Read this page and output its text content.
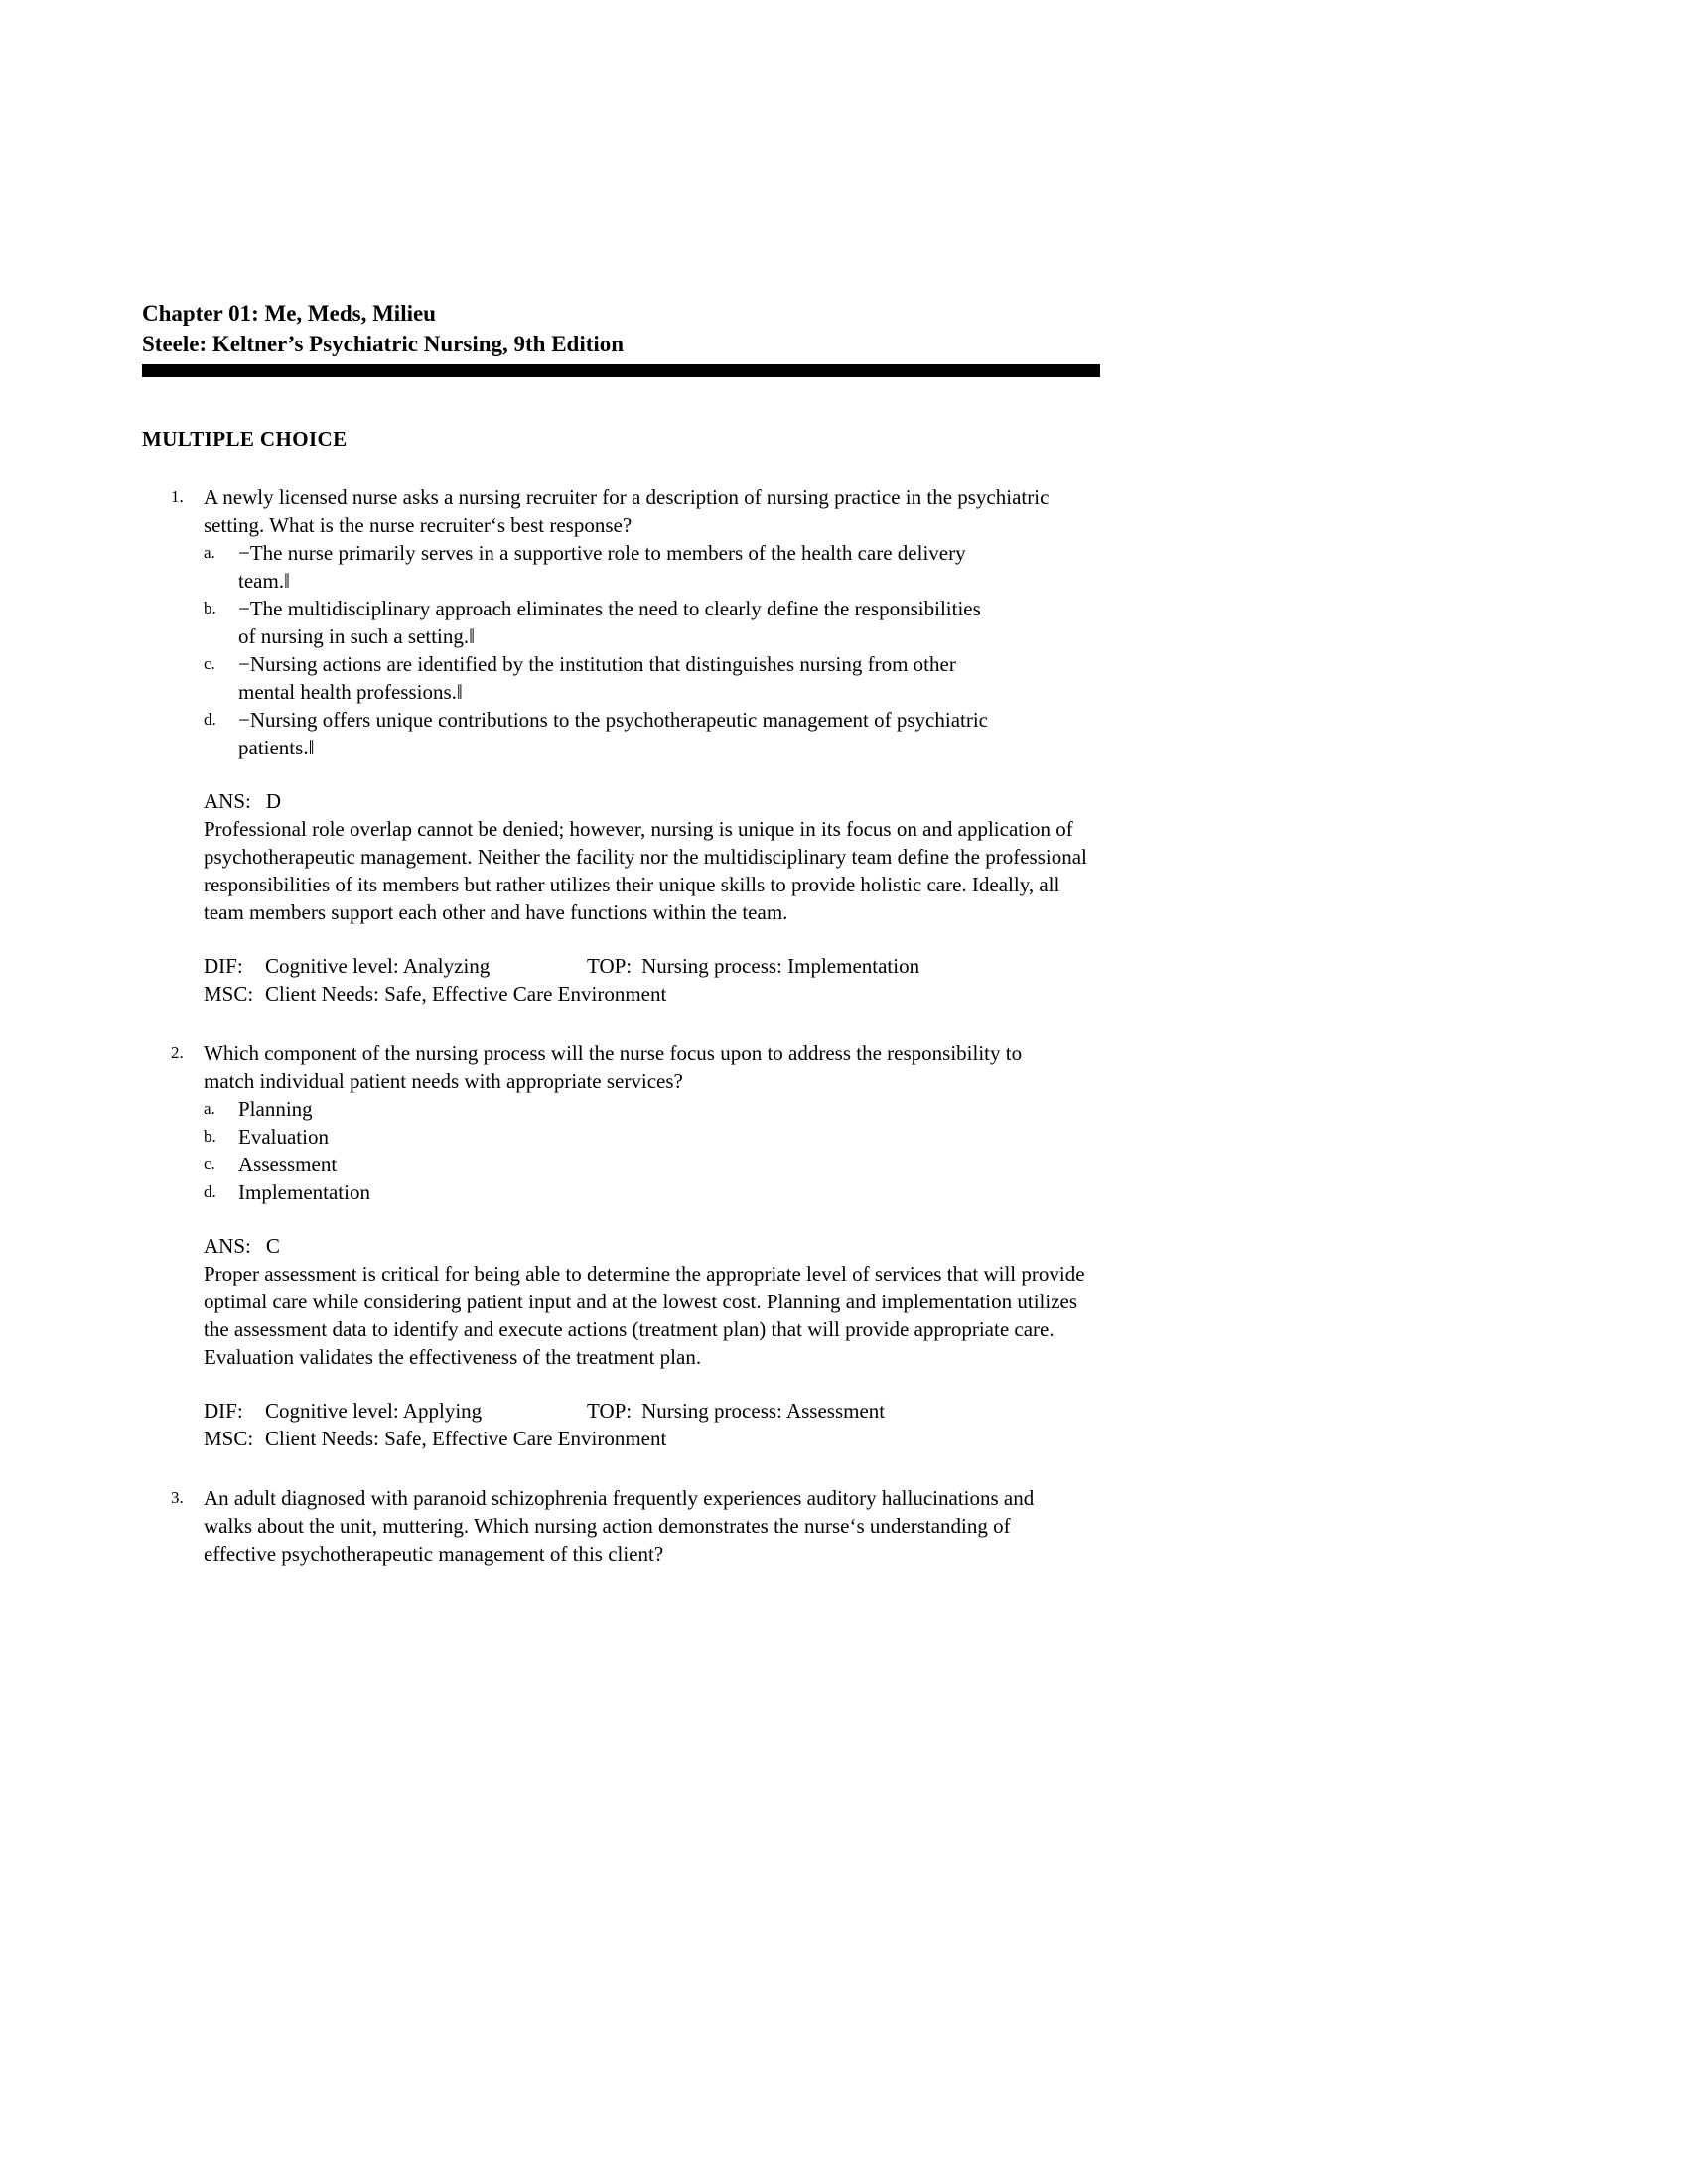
Chapter 01: Me, Meds, Milieu
Steele: Keltner’s Psychiatric Nursing, 9th Edition
MULTIPLE CHOICE
1. A newly licensed nurse asks a nursing recruiter for a description of nursing practice in the psychiatric setting. What is the nurse recruiter‘s best response?
a.	−The nurse primarily serves in a supportive role to members of the health care delivery team.‖
b.	−The multidisciplinary approach eliminates the need to clearly define the responsibilities of nursing in such a setting.‖
c.	−Nursing actions are identified by the institution that distinguishes nursing from other mental health professions.‖
d.	−Nursing offers unique contributions to the psychotherapeutic management of psychiatric patients.‖
ANS: D
Professional role overlap cannot be denied; however, nursing is unique in its focus on and application of psychotherapeutic management. Neither the facility nor the multidisciplinary team define the professional responsibilities of its members but rather utilizes their unique skills to provide holistic care. Ideally, all team members support each other and have functions within the team.
DIF:	Cognitive level: Analyzing	TOP: Nursing process: Implementation
MSC: Client Needs: Safe, Effective Care Environment
2. Which component of the nursing process will the nurse focus upon to address the responsibility to match individual patient needs with appropriate services?
a.	Planning
b.	Evaluation
c.	Assessment
d.	Implementation
ANS: C
Proper assessment is critical for being able to determine the appropriate level of services that will provide optimal care while considering patient input and at the lowest cost. Planning and implementation utilizes the assessment data to identify and execute actions (treatment plan) that will provide appropriate care. Evaluation validates the effectiveness of the treatment plan.
DIF:	Cognitive level: Applying	TOP: Nursing process: Assessment
MSC: Client Needs: Safe, Effective Care Environment
3. An adult diagnosed with paranoid schizophrenia frequently experiences auditory hallucinations and walks about the unit, muttering. Which nursing action demonstrates the nurse‘s understanding of effective psychotherapeutic management of this client?
